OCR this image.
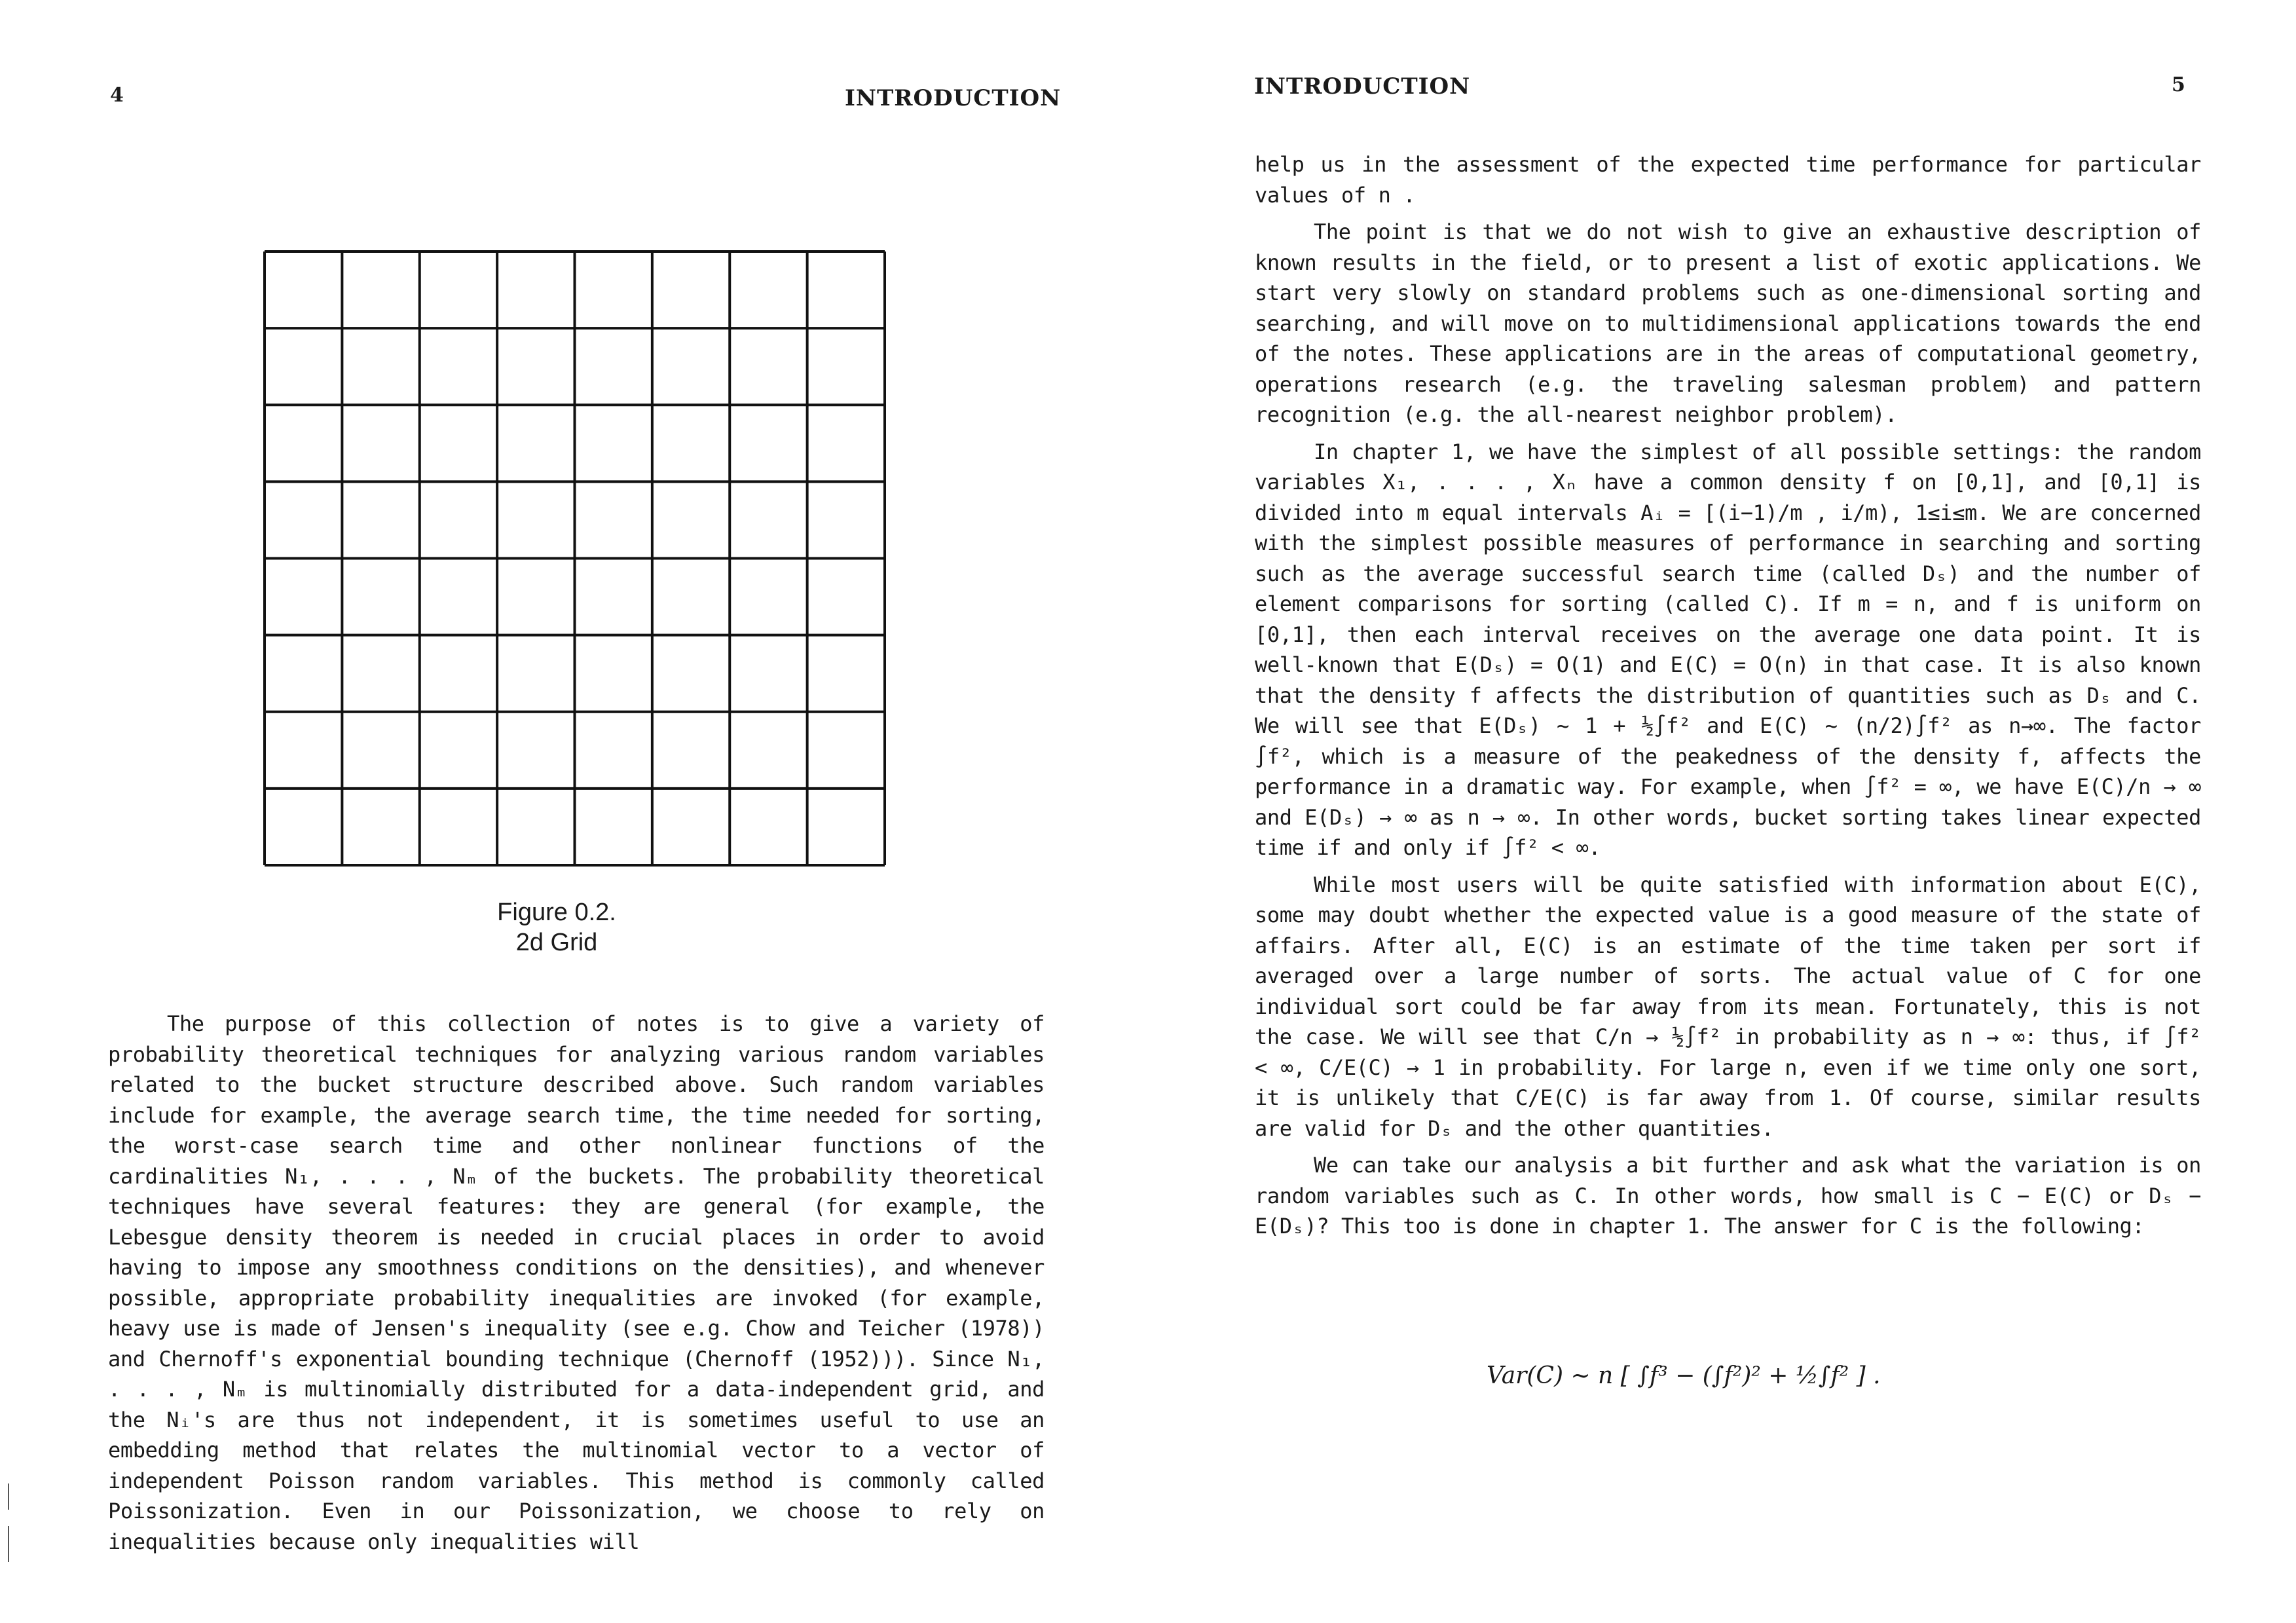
4	INTRODUCTION
Figure 0.2.
2d Grid

The purpose of this collection of notes is to give a variety of probability theoretical techniques for analyzing various random variables related to the bucket structure described above. Such random variables include for example, the average search time, the time needed for sorting, the worst-case search time and other nonlinear functions of the cardinalities N₁, . . . , Nₘ of the buckets. The probability theoretical techniques have several features: they are general (for example, the Lebesgue density theorem is needed in crucial places in order to avoid having to impose any smoothness conditions on the densities), and whenever possible, appropriate probability inequalities are invoked (for example, heavy use is made of Jensen's inequality (see e.g. Chow and Teicher (1978)) and Chernoff's exponential bounding technique (Chernoff (1952))). Since N₁, . . . , Nₘ is multinomially distributed for a data-independent grid, and the Nᵢ's are thus not independent, it is sometimes useful to use an embedding method that relates the multinomial vector to a vector of independent Poisson random variables. This method is commonly called Poissonization. Even in our Poissonization, we choose to rely on inequalities because only inequalities will

INTRODUCTION	5

help us in the assessment of the expected time performance for particular values of n .

The point is that we do not wish to give an exhaustive description of known results in the field, or to present a list of exotic applications. We start very slowly on standard problems such as one-dimensional sorting and searching, and will move on to multidimensional applications towards the end of the notes. These applications are in the areas of computational geometry, operations research (e.g. the traveling salesman problem) and pattern recognition (e.g. the all-nearest neighbor problem).

In chapter 1, we have the simplest of all possible settings: the random variables X₁, . . . , Xₙ have a common density f on [0,1], and [0,1] is divided into m equal intervals Aᵢ = [(i−1)/m , i/m), 1≤i≤m. We are concerned with the simplest possible measures of performance in searching and sorting such as the average successful search time (called Dₛ) and the number of element comparisons for sorting (called C). If m = n, and f is uniform on [0,1], then each interval receives on the average one data point. It is well-known that E(Dₛ) = O(1) and E(C) = O(n) in that case. It is also known that the density f affects the distribution of quantities such as Dₛ and C. We will see that E(Dₛ) ~ 1 + ½∫f² and E(C) ~ (n/2)∫f² as n→∞. The factor ∫f², which is a measure of the peakedness of the density f, affects the performance in a dramatic way. For example, when ∫f² = ∞, we have E(C)/n → ∞ and E(Dₛ) → ∞ as n → ∞. In other words, bucket sorting takes linear expected time if and only if ∫f² < ∞.

While most users will be quite satisfied with information about E(C), some may doubt whether the expected value is a good measure of the state of affairs. After all, E(C) is an estimate of the time taken per sort if averaged over a large number of sorts. The actual value of C for one individual sort could be far away from its mean. Fortunately, this is not the case. We will see that C/n → ½∫f² in probability as n → ∞: thus, if ∫f² < ∞, C/E(C) → 1 in probability. For large n, even if we time only one sort, it is unlikely that C/E(C) is far away from 1. Of course, similar results are valid for Dₛ and the other quantities.

We can take our analysis a bit further and ask what the variation is on random variables such as C. In other words, how small is C − E(C) or Dₛ − E(Dₛ)? This too is done in chapter 1. The answer for C is the following:

Var(C) ~ n [ ∫f³ − (∫f²)² + ½∫f² ] .
